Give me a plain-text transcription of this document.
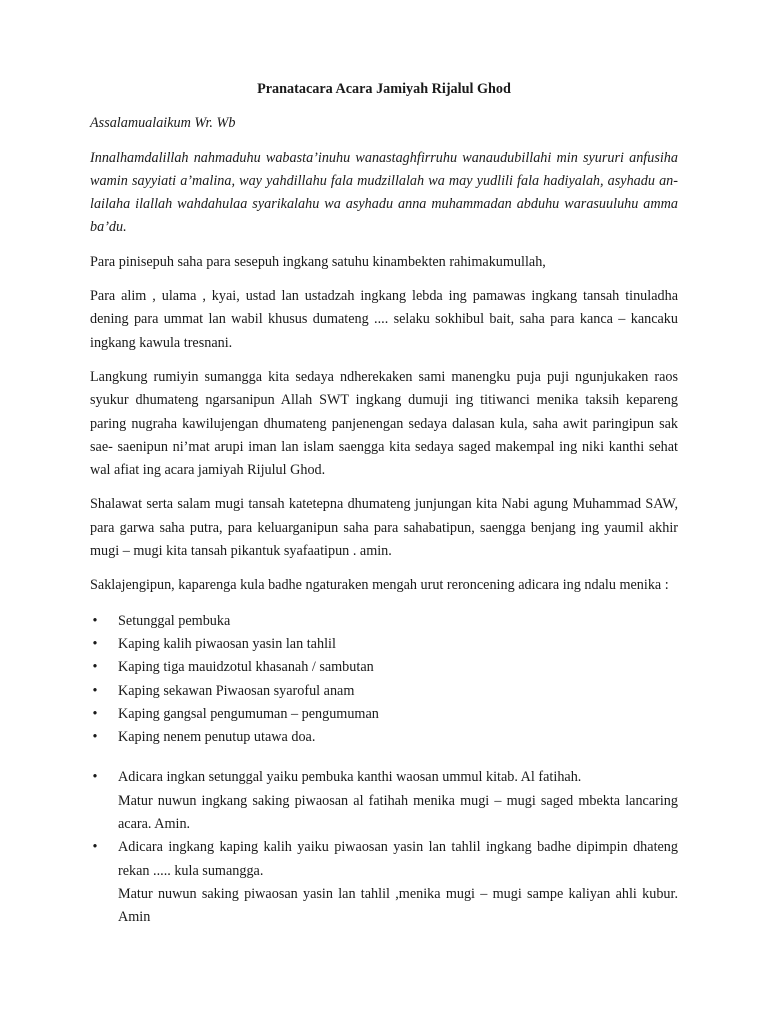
Pranatacara Acara Jamiyah Rijalul Ghod

Assalamualaikum Wr. Wb

Innalhamdalillah nahmaduhu wabasta’inuhu wanastaghfirruhu wanaudubillahi min syururi anfusiha wamin sayyiati a’malina, way yahdillahu fala mudzillalah wa may yudlili fala hadiyalah, asyhadu an-lailaha ilallah wahdahulaa syarikalahu wa asyhadu anna muhammadan abduhu warasuuluhu amma ba’du.

Para pinisepuh saha para sesepuh ingkang satuhu kinambekten rahimakumullah,

Para alim , ulama , kyai, ustad lan ustadzah ingkang lebda ing pamawas ingkang tansah tinuladha dening para ummat lan wabil khusus dumateng .... selaku sokhibul bait, saha para kanca – kancaku ingkang kawula tresnani.

Langkung rumiyin sumangga kita sedaya ndherekaken sami manengku puja puji ngunjukaken raos syukur dhumateng ngarsanipun Allah SWT ingkang dumuji ing titiwanci menika taksih kepareng paring nugraha kawilujengan dhumateng panjenengan sedaya dalasan kula, saha awit paringipun sak sae- saenipun ni’mat arupi iman lan islam saengga kita sedaya saged makempal ing niki kanthi sehat wal afiat ing acara jamiyah Rijulul Ghod.

Shalawat serta salam mugi tansah katetepna dhumateng junjungan kita Nabi agung Muhammad SAW, para garwa saha putra, para keluarganipun saha para sahabatipun, saengga benjang ing yaumil akhir mugi – mugi kita tansah pikantuk syafaatipun . amin.

Saklajengipun, kaparenga kula badhe ngaturaken mengah urut reroncening adicara ing ndalu menika :

• Setunggal pembuka
• Kaping kalih piwaosan yasin lan tahlil
• Kaping tiga mauidzotul khasanah / sambutan
• Kaping sekawan Piwaosan syaroful anam
• Kaping gangsal pengumuman – pengumuman
• Kaping nenem penutup utawa doa.
• Adicara ingkan setunggal yaiku pembuka kanthi waosan ummul kitab. Al fatihah.
Matur nuwun ingkang saking piwaosan al fatihah menika mugi – mugi saged mbekta lancaring acara. Amin.
• Adicara ingkang kaping kalih yaiku piwaosan yasin lan tahlil ingkang badhe dipimpin dhateng rekan ..... kula sumangga.
Matur nuwun saking piwaosan yasin lan tahlil ,menika mugi – mugi sampe kaliyan ahli kubur. Amin
